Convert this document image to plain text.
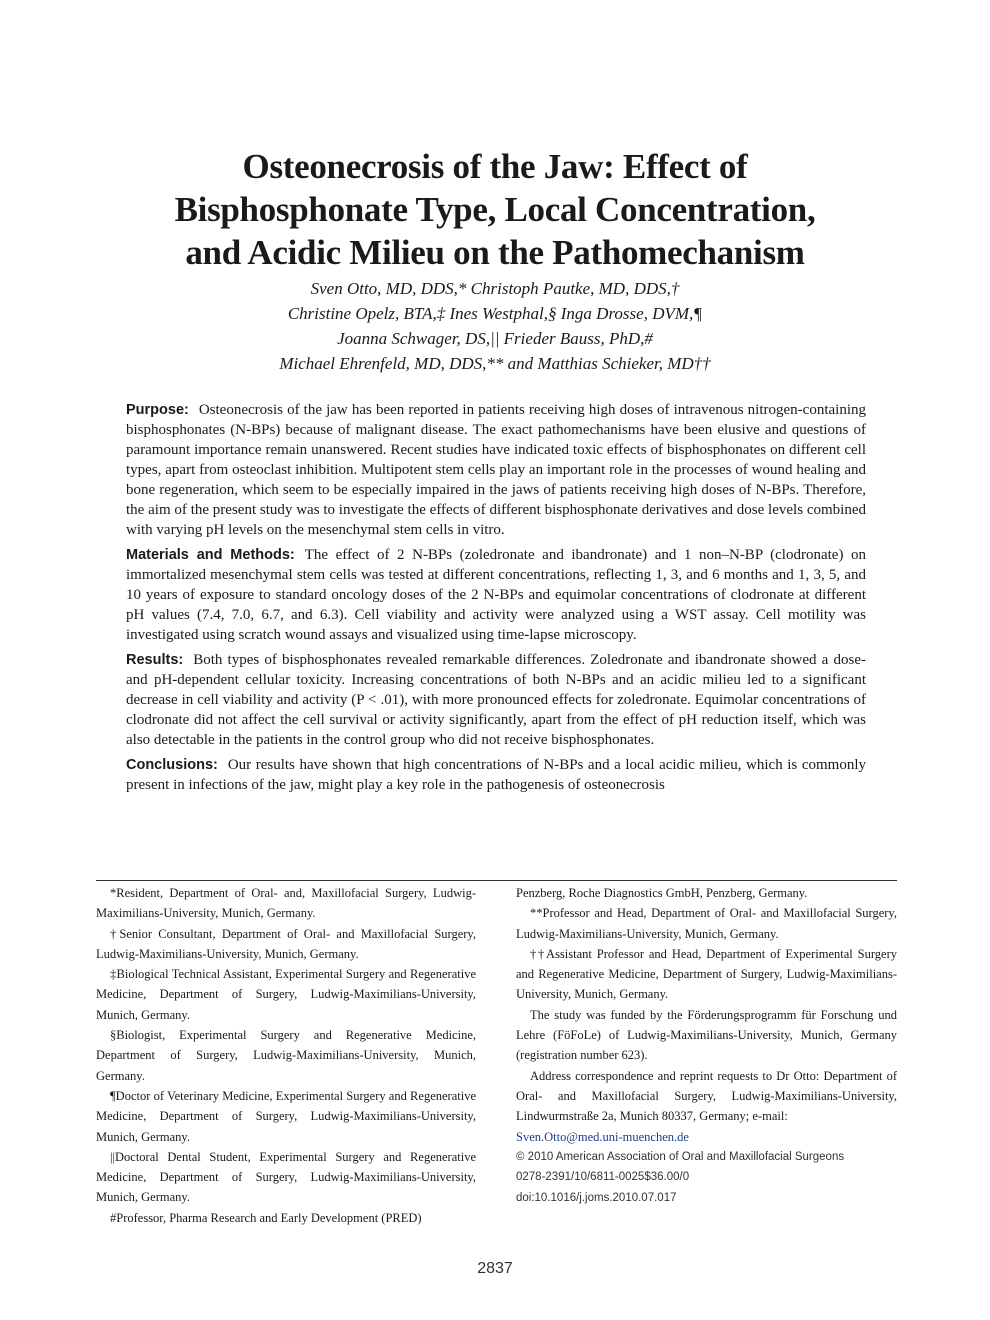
Osteonecrosis of the Jaw: Effect of
Bisphosphonate Type, Local Concentration,
and Acidic Milieu on the Pathomechanism
Sven Otto, MD, DDS,* Christoph Pautke, MD, DDS,†
Christine Opelz, BTA,‡ Ines Westphal,§ Inga Drosse, DVM,¶
Joanna Schwager, DS,|| Frieder Bauss, PhD,#
Michael Ehrenfeld, MD, DDS,** and Matthias Schieker, MD††

Purpose: Osteonecrosis of the jaw has been reported in patients receiving high doses of intravenous nitrogen-containing bisphosphonates (N-BPs) because of malignant disease. The exact pathomechanisms have been elusive and questions of paramount importance remain unanswered. Recent studies have indicated toxic effects of bisphosphonates on different cell types, apart from osteoclast inhibition. Multipotent stem cells play an important role in the processes of wound healing and bone regeneration, which seem to be especially impaired in the jaws of patients receiving high doses of N-BPs. Therefore, the aim of the present study was to investigate the effects of different bisphosphonate derivatives and dose levels combined with varying pH levels on the mesenchymal stem cells in vitro.

Materials and Methods: The effect of 2 N-BPs (zoledronate and ibandronate) and 1 non–N-BP (clodronate) on immortalized mesenchymal stem cells was tested at different concentrations, reflecting 1, 3, and 6 months and 1, 3, 5, and 10 years of exposure to standard oncology doses of the 2 N-BPs and equimolar concentrations of clodronate at different pH values (7.4, 7.0, 6.7, and 6.3). Cell viability and activity were analyzed using a WST assay. Cell motility was investigated using scratch wound assays and visualized using time-lapse microscopy.

Results: Both types of bisphosphonates revealed remarkable differences. Zoledronate and ibandronate showed a dose- and pH-dependent cellular toxicity. Increasing concentrations of both N-BPs and an acidic milieu led to a significant decrease in cell viability and activity (P < .01), with more pronounced effects for zoledronate. Equimolar concentrations of clodronate did not affect the cell survival or activity significantly, apart from the effect of pH reduction itself, which was also detectable in the patients in the control group who did not receive bisphosphonates.

Conclusions: Our results have shown that high concentrations of N-BPs and a local acidic milieu, which is commonly present in infections of the jaw, might play a key role in the pathogenesis of osteonecrosis

*Resident, Department of Oral- and, Maxillofacial Surgery, Ludwig-Maximilians-University, Munich, Germany.

†Senior Consultant, Department of Oral- and Maxillofacial Surgery, Ludwig-Maximilians-University, Munich, Germany.

‡Biological Technical Assistant, Experimental Surgery and Regenerative Medicine, Department of Surgery, Ludwig-Maximilians-University, Munich, Germany.

§Biologist, Experimental Surgery and Regenerative Medicine, Department of Surgery, Ludwig-Maximilians-University, Munich, Germany.

¶Doctor of Veterinary Medicine, Experimental Surgery and Regenerative Medicine, Department of Surgery, Ludwig-Maximilians-University, Munich, Germany.

||Doctoral Dental Student, Experimental Surgery and Regenerative Medicine, Department of Surgery, Ludwig-Maximilians-University, Munich, Germany.

#Professor, Pharma Research and Early Development (PRED)

Penzberg, Roche Diagnostics GmbH, Penzberg, Germany.

**Professor and Head, Department of Oral- and Maxillofacial Surgery, Ludwig-Maximilians-University, Munich, Germany.

††Assistant Professor and Head, Department of Experimental Surgery and Regenerative Medicine, Department of Surgery, Ludwig-Maximilians-University, Munich, Germany.

The study was funded by the Förderungsprogramm für Forschung und Lehre (FöFoLe) of Ludwig-Maximilians-University, Munich, Germany (registration number 623).

Address correspondence and reprint requests to Dr Otto: Department of Oral- and Maxillofacial Surgery, Ludwig-Maximilians-University, Lindwurmstraße 2a, Munich 80337, Germany; e-mail:

Sven.Otto@med.uni-muenchen.de

© 2010 American Association of Oral and Maxillofacial Surgeons

0278-2391/10/6811-0025$36.00/0

doi:10.1016/j.joms.2010.07.017

2837
